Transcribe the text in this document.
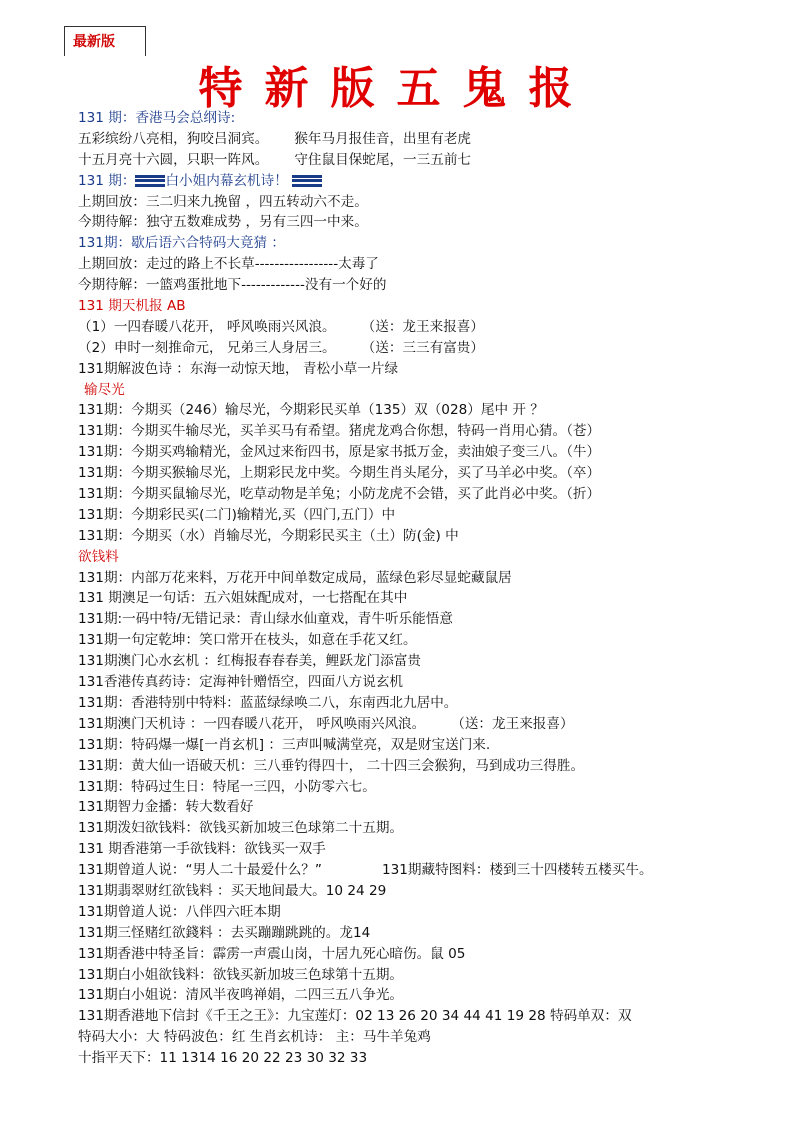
最新版
特新版五鬼报
131 期：香港马会总纲诗:
五彩缤纷八亮相，狗咬吕洞宾。 猴年马月报佳音，出里有老虎
十五月亮十六圆，只职一阵风。 守住鼠目保蛇尾，一三五前七
131 期： 白小姐内幕玄机诗！
上期回放：三二归来九挽留 ，四五转动六不走。
今期待解：独守五数难成势 ，另有三四一中来。
131期：歇后语六合特码大竟猜 ：
上期回放：走过的路上不长草-----------------太毒了
今期待解：一篮鸡蛋批地下-------------没有一个好的
131 期天机报 AB
（1）一四春暖八花开， 呼风唤雨兴风浪。 （送：龙王来报喜）
（2）申时一刻推命元， 兄弟三人身居三。 （送：三三有富贵）
131期解波色诗 ：东海一动惊天地， 青松小草一片绿
输尽光
131期：今期买（246）输尽光，今期彩民买单（135）双（028）尾中 开 ？
131期：今期买牛输尽光，买羊买马有希望。猪虎龙鸡合你想，特码一肖用心猜。（苍）
131期：今期买鸡输精光，金风过来衔四书，原是家书抵万金，卖油娘子变三八。（牛）
131期：今期买猴输尽光，上期彩民龙中奖。今期生肖头尾分，买了马羊必中奖。（卒）
131期：今期买鼠输尽光，吃草动物是羊兔；小防龙虎不会错，买了此肖必中奖。（折）
131期：今期彩民买(二门)输精光,买（四门,五门）中
131期：今期买（水）肖输尽光，今期彩民买主（土）防(金) 中
欲钱料
131期：内部万花来料，万花开中间单数定成局，蓝绿色彩尽显蛇藏鼠居
131 期澳足一句话：五六姐妹配成对，一七搭配在其中
131期:一码中特/无错记录：青山绿水仙童戏，青牛听乐能悟意
131期一句定乾坤：笑口常开在枝头，如意在手花又红。
131期澳门心水玄机 ：红梅报春春春美，鲤跃龙门添富贵
131香港传真药诗：定海神针赠悟空，四面八方说玄机
131期：香港特别中特料：蓝蓝绿绿唤二八，东南西北九居中。
131期澳门天机诗 ：一四春暖八花开， 呼风唤雨兴风浪。 （送：龙王来报喜）
131期：特码爆一爆[一肖玄机] ：三声叫喊满堂亮，双是财宝送门来.
131期：黄大仙一语破天机：三八垂钓得四十， 二十四三会猴狗，马到成功三得胜。
131期：特码过生日：特尾一三四，小防零六七。
131期智力金播：转大数看好
131期泼妇欲钱料：欲钱买新加坡三色球第二十五期。
131 期香港第一手欲钱料：欲钱买一双手
131期曾道人说：“男人二十最爱什么？”	131期藏特图料：楼到三十四楼转五楼买牛。
131期翡翠财红欲钱料 ：买天地间最大。10 24 29
131期曾道人说：八伴四六旺本期
131期三怪赌红欲錢料 ：去买蹦蹦跳跳的。龙14
131期香港中特圣旨：霹雳一声震山岗，十居九死心暗伤。鼠 05
131期白小姐欲钱料：欲钱买新加坡三色球第十五期。
131期白小姐说：清风半夜鸣禅娟，二四三五八争光。
131期香港地下信封《千王之王》：九宝莲灯：02 13 26 20 34 44 41 19 28 特码单双：双
特码大小：大 特码波色：红 生肖玄机诗： 主：马牛羊兔鸡
十指平天下：11 1314 16 20 22 23 30 32 33
